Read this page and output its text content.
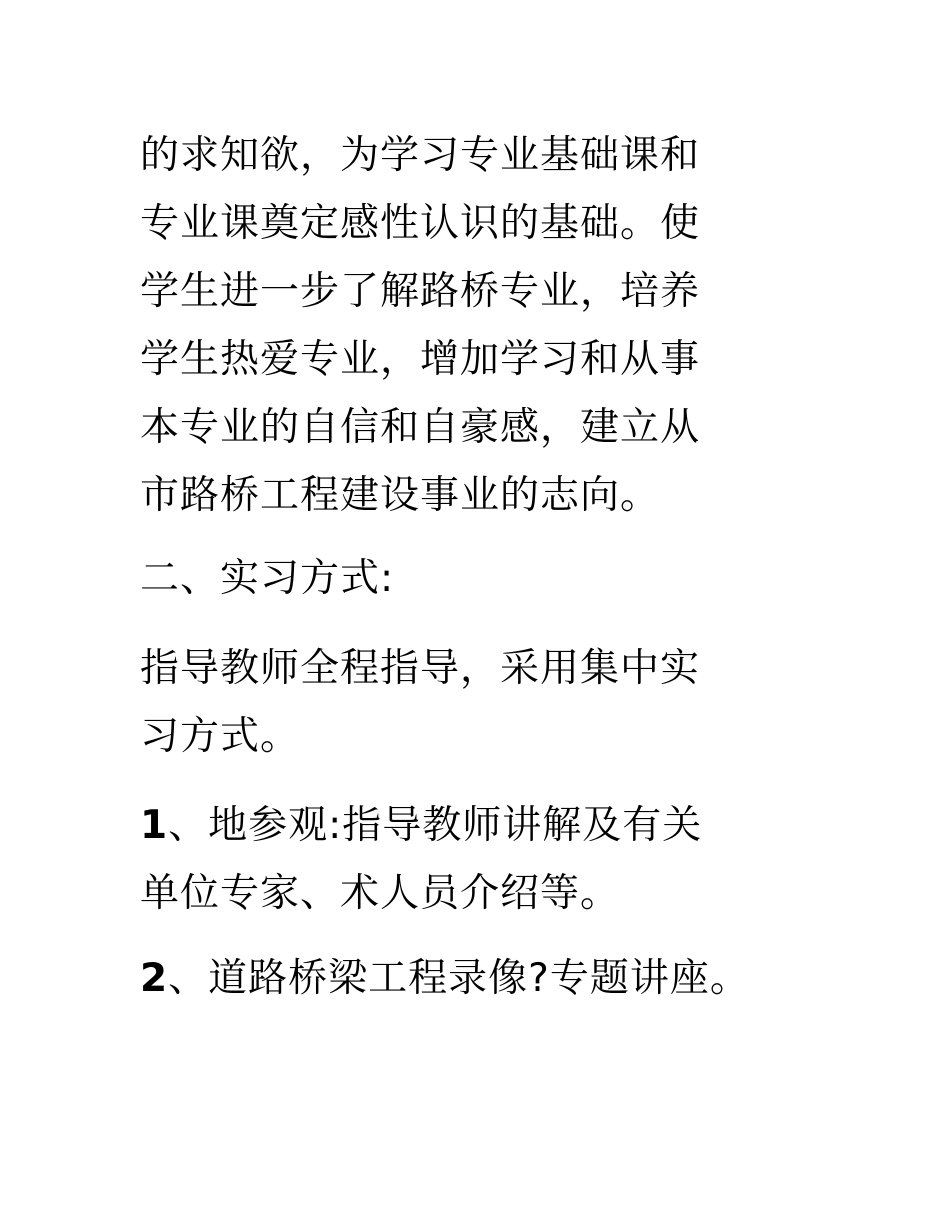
的求知欲，为学习专业基础课和
专业课奠定感性认识的基础。使
学生进一步了解路桥专业，培养
学生热爱专业，增加学习和从事
本专业的自信和自豪感，建立从
市路桥工程建设事业的志向。
二、实习方式:
指导教师全程指导，采用集中实
习方式。
1、地参观:指导教师讲解及有关
单位专家、术人员介绍等。
2、道路桥梁工程录像?专题讲座。
